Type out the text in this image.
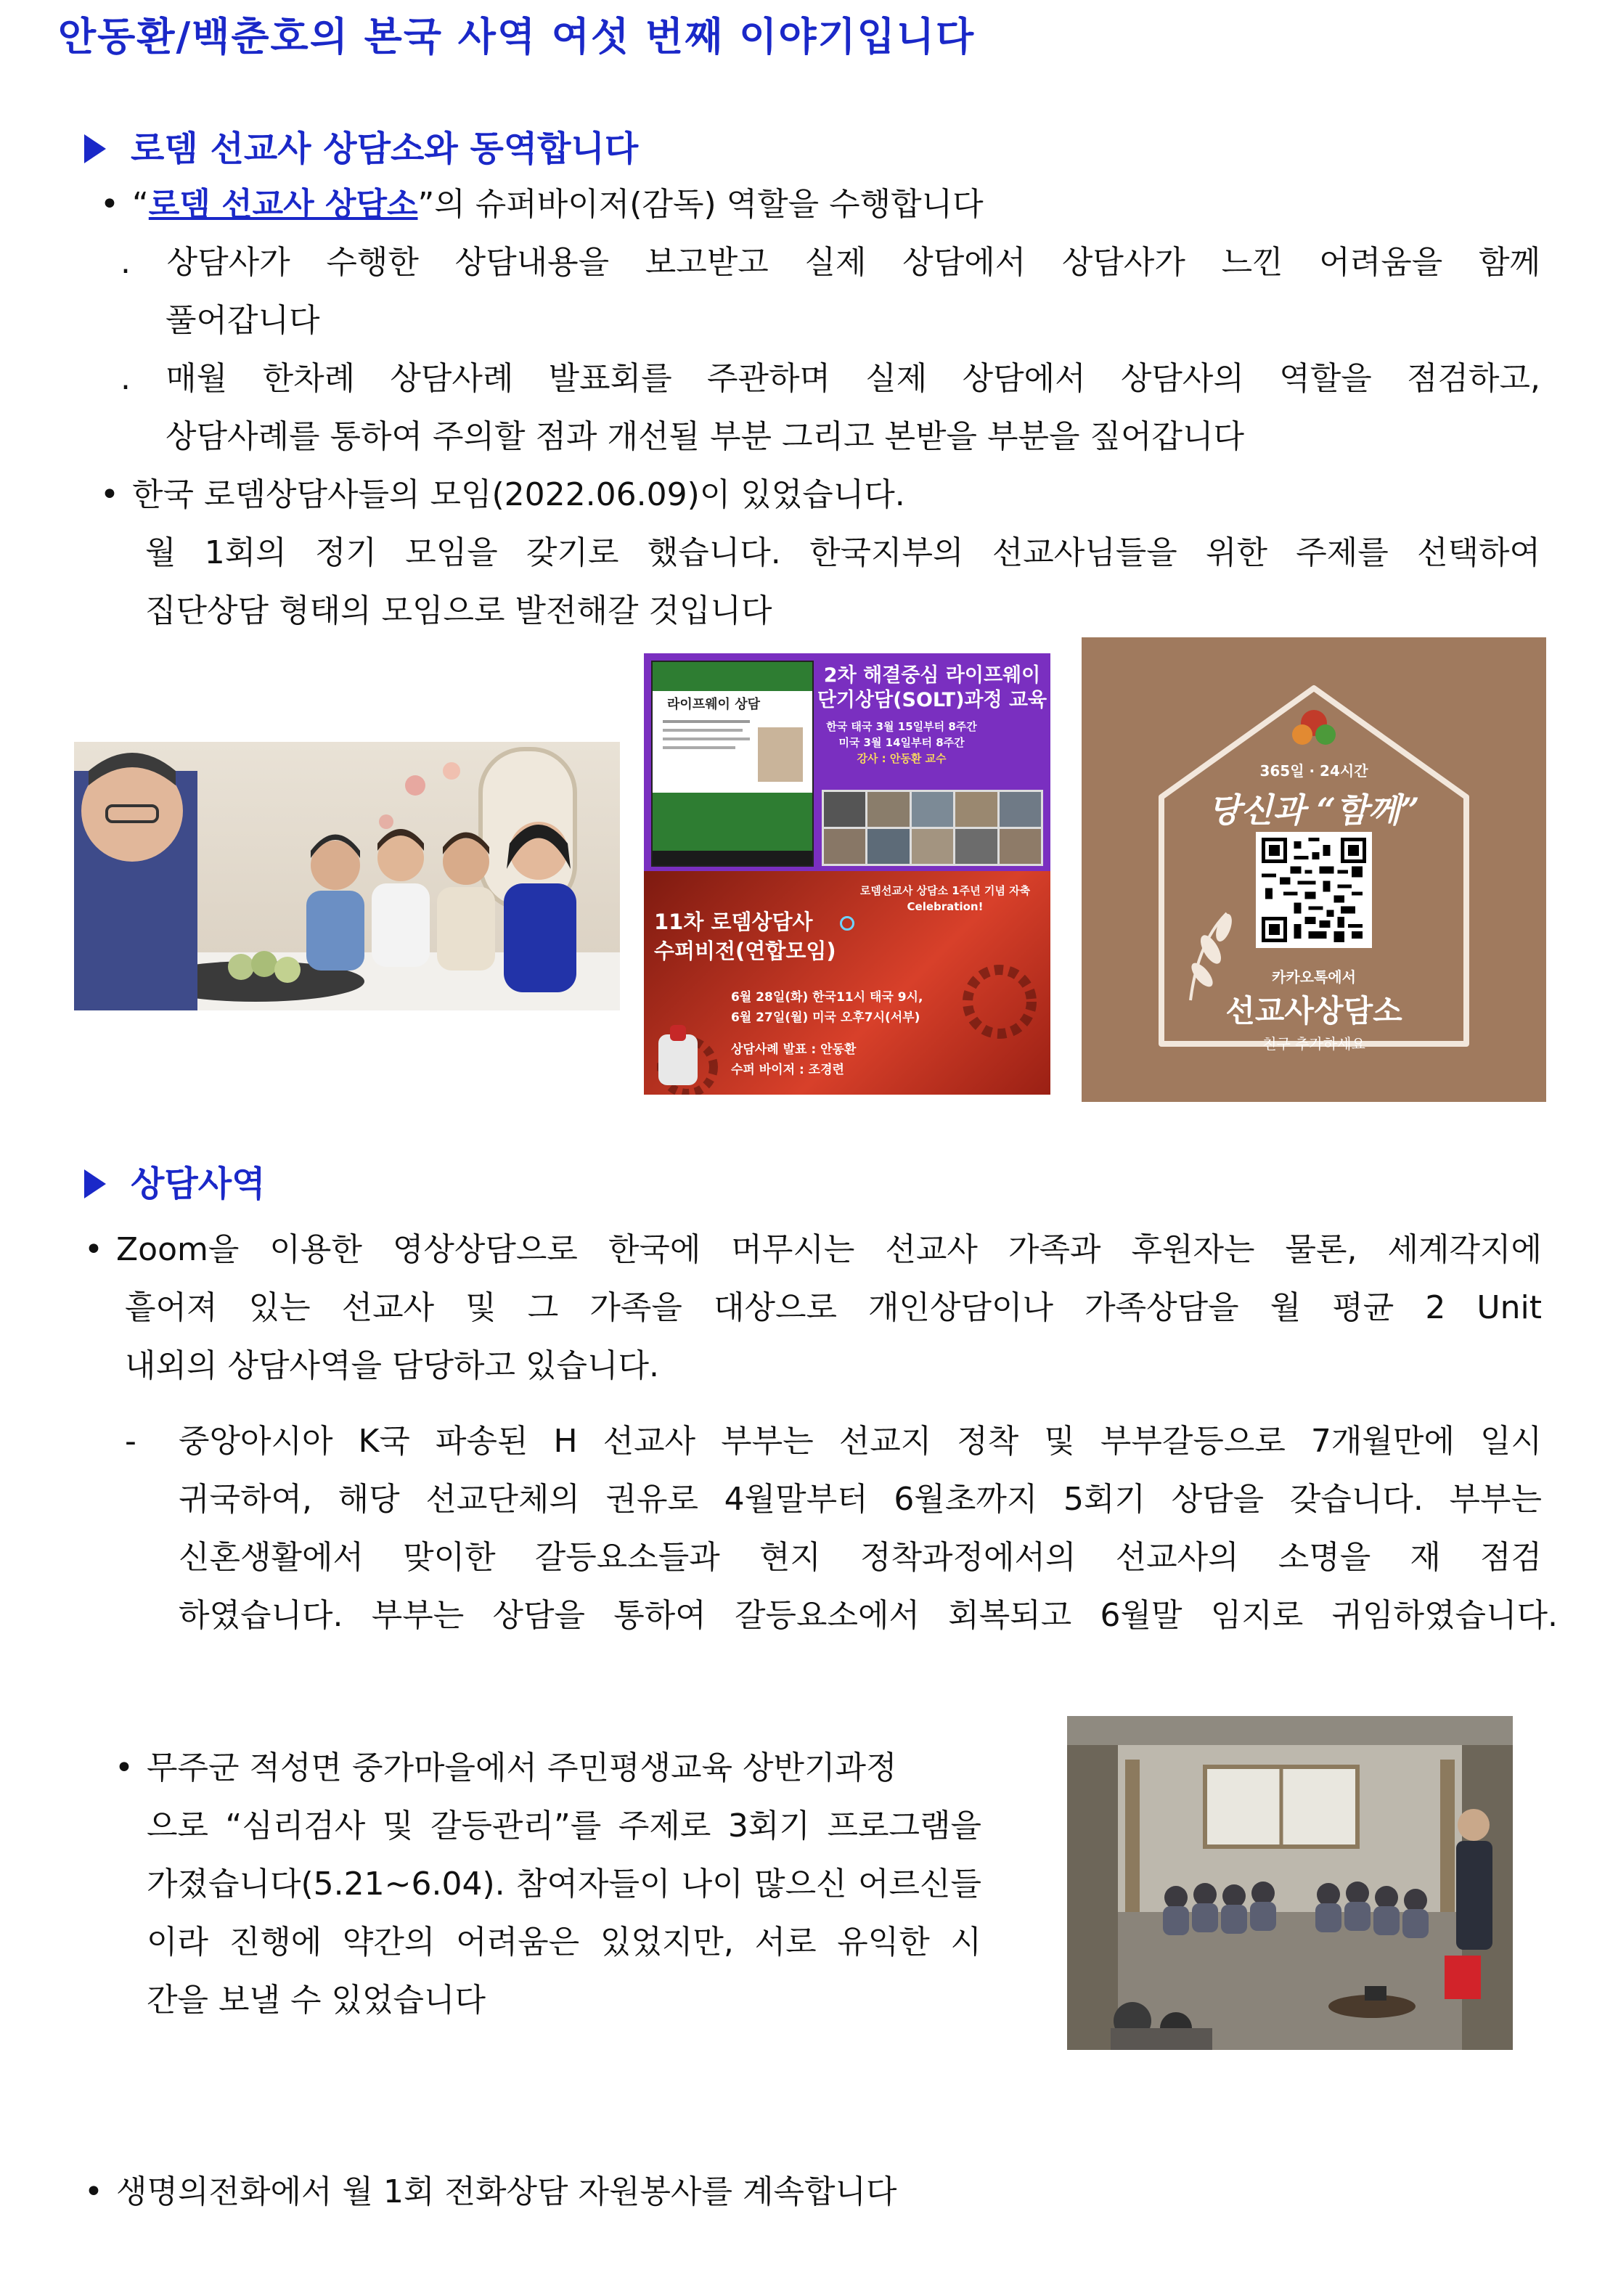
안동환/백춘호의 본국 사역 여섯 번째 이야기입니다
로뎀 선교사 상담소와 동역합니다
• “로뎀 선교사 상담소”의 슈퍼바이저(감독) 역할을 수행합니다
. 상담사가 수행한 상담내용을 보고받고 실제 상담에서 상담사가 느낀 어려움을 함께
풀어갑니다
. 매월 한차례 상담사례 발표회를 주관하며 실제 상담에서 상담사의 역할을 점검하고,
상담사례를 통하여 주의할 점과 개선될 부분 그리고 본받을 부분을 짚어갑니다
• 한국 로뎀상담사들의 모임(2022.06.09)이 있었습니다.
월 1회의 정기 모임을 갖기로 했습니다. 한국지부의 선교사님들을 위한 주제를 선택하여
집단상담 형태의 모임으로 발전해갈 것입니다
라이프웨이 상담
2차 해결중심 라이프웨이
단기상담(SOLT)과정 교육
한국 태국 3월 15일부터 8주간
미국 3월 14일부터 8주간
강사 : 안동환 교수
로뎀선교사 상담소 1주년 기념 자축
Celebration!
11차 로뎀상담사
수퍼비전(연합모임)
6월 28일(화) 한국11시 태국 9시,
6월 27일(월) 미국 오후7시(서부)
상담사례 발표 : 안동환
수퍼 바이저 : 조경련
365일 · 24시간
당신과 “함께”
카카오톡에서
선교사상담소
친구 추가하세요
상담사역
• Zoom을 이용한 영상상담으로 한국에 머무시는 선교사 가족과 후원자는 물론, 세계각지에
흩어져 있는 선교사 및 그 가족을 대상으로 개인상담이나 가족상담을 월 평균 2 Unit
내외의 상담사역을 담당하고 있습니다.
- 중앙아시아 K국 파송된 H 선교사 부부는 선교지 정착 및 부부갈등으로 7개월만에 일시
귀국하여, 해당 선교단체의 권유로 4월말부터 6월초까지 5회기 상담을 갖습니다. 부부는
신혼생활에서 맞이한 갈등요소들과 현지 정착과정에서의 선교사의 소명을 재 점검
하였습니다. 부부는 상담을 통하여 갈등요소에서 회복되고 6월말 임지로 귀임하였습니다.
• 무주군 적성면 중가마을에서 주민평생교육 상반기과정
으로 “심리검사 및 갈등관리”를 주제로 3회기 프로그램을
가졌습니다(5.21~6.04). 참여자들이 나이 많으신 어르신들
이라 진행에 약간의 어려움은 있었지만, 서로 유익한 시
간을 보낼 수 있었습니다
• 생명의전화에서 월 1회 전화상담 자원봉사를 계속합니다
